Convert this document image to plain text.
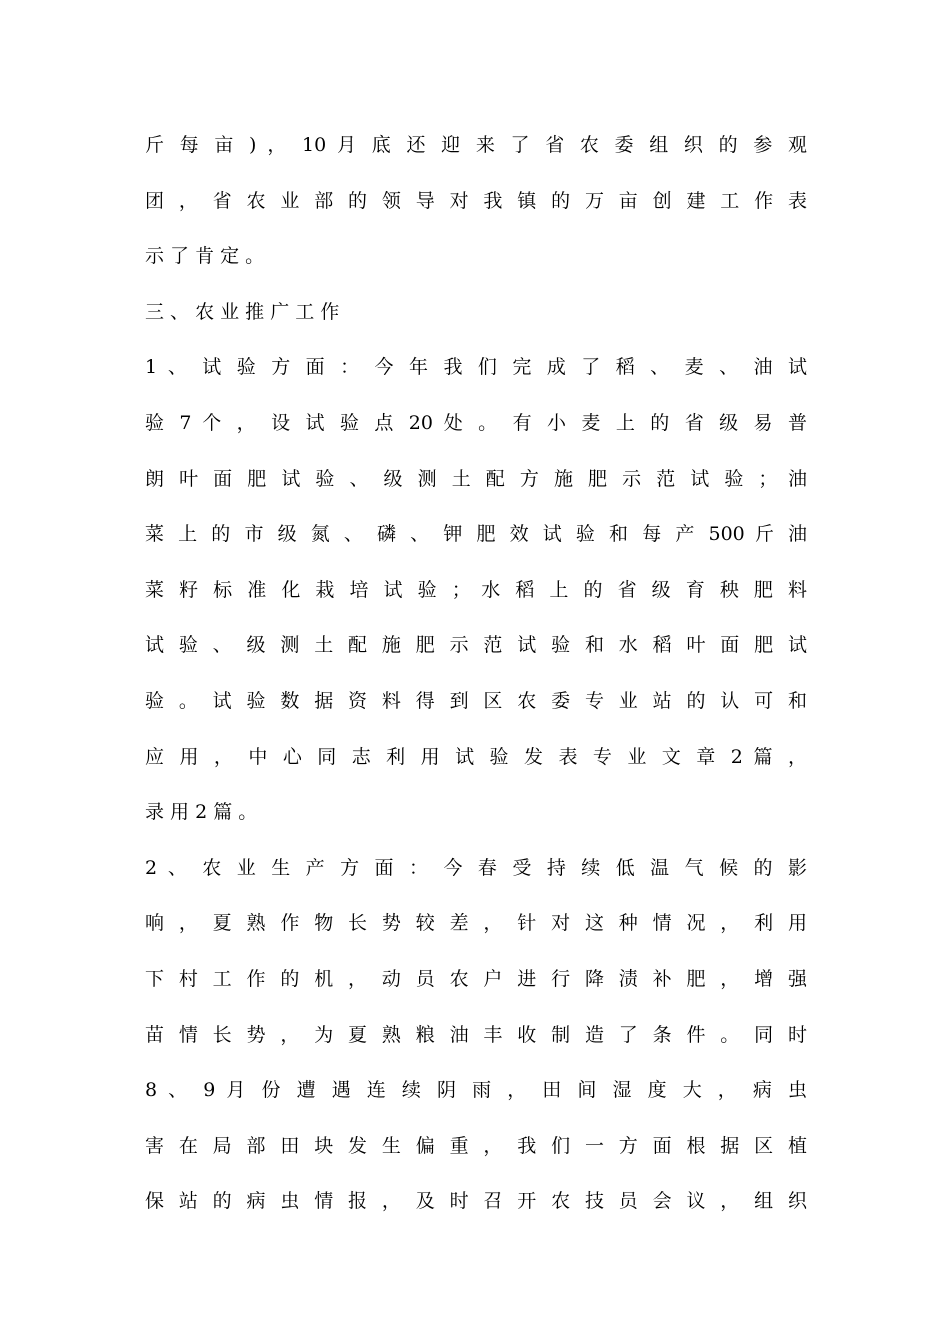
斤 每 亩 ) ， 10 月 底 还 迎 来 了 省 农 委 组 织 的 参 观
团 ， 省 农 业 部 的 领 导 对 我 镇 的 万 亩 创 建 工 作 表
示 了 肯 定 。
三 、 农 业 推 广 工 作
1 、 试 验 方 面 ： 今 年 我 们 完 成 了 稻 、 麦 、 油 试
验 7 个 ， 设 试 验 点 20 处 。 有 小 麦 上 的 省 级 易 普
朗 叶 面 肥 试 验 、 级 测 土 配 方 施 肥 示 范 试 验 ； 油
菜 上 的 市 级 氮 、 磷 、 钾 肥 效 试 验 和 每 产 500 斤 油
菜 籽 标 准 化 栽 培 试 验 ； 水 稻 上 的 省 级 育 秧 肥 料
试 验 、 级 测 土 配 施 肥 示 范 试 验 和 水 稻 叶 面 肥 试
验 。 试 验 数 据 资 料 得 到 区 农 委 专 业 站 的 认 可 和
应 用 ， 中 心 同 志 利 用 试 验 发 表 专 业 文 章 2 篇 ，
录 用 2 篇 。
2 、 农 业 生 产 方 面 ： 今 春 受 持 续 低 温 气 候 的 影
响 ， 夏 熟 作 物 长 势 较 差 ， 针 对 这 种 情 况 ， 利 用
下 村 工 作 的 机 ， 动 员 农 户 进 行 降 渍 补 肥 ， 增 强
苗 情 长 势 ， 为 夏 熟 粮 油 丰 收 制 造 了 条 件 。 同 时
8 、 9 月 份 遭 遇 连 续 阴 雨 ， 田 间 湿 度 大 ， 病 虫
害 在 局 部 田 块 发 生 偏 重 ， 我 们 一 方 面 根 据 区 植
保 站 的 病 虫 情 报 ， 及 时 召 开 农 技 员 会 议 ， 组 织
